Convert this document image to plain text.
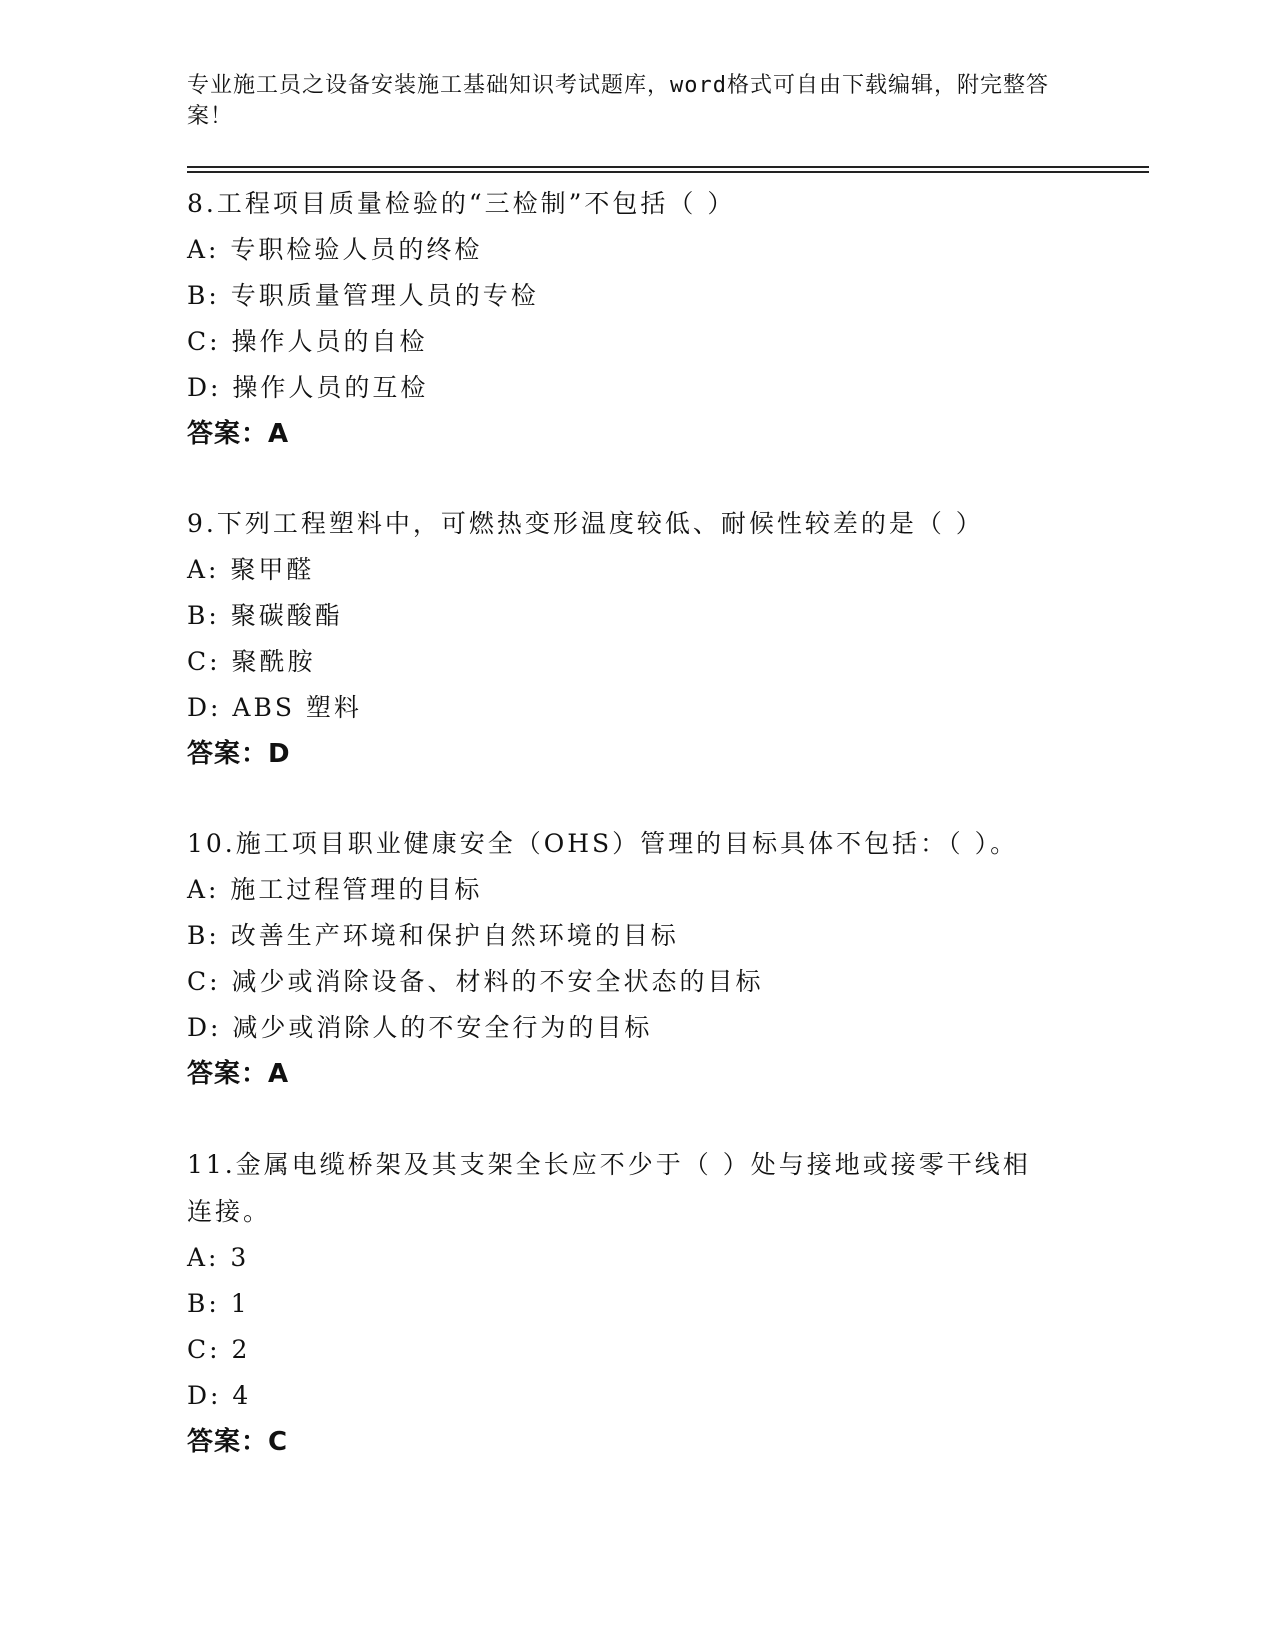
专业施工员之设备安装施工基础知识考试题库，word格式可自由下载编辑，附完整答案！

8.工程项目质量检验的“三检制”不包括（ ）

A: 专职检验人员的终检

B: 专职质量管理人员的专检

C: 操作人员的自检

D: 操作人员的互检

答案：A

9.下列工程塑料中，可燃热变形温度较低、耐候性较差的是（ ）

A: 聚甲醛

B: 聚碳酸酯

C: 聚酰胺

D: ABS 塑料

答案：D

10.施工项目职业健康安全（OHS）管理的目标具体不包括：（ ）。

A: 施工过程管理的目标

B: 改善生产环境和保护自然环境的目标

C: 减少或消除设备、材料的不安全状态的目标

D: 减少或消除人的不安全行为的目标

答案：A

11.金属电缆桥架及其支架全长应不少于（ ）处与接地或接零干线相连接。

A: 3

B: 1

C: 2

D: 4

答案：C
